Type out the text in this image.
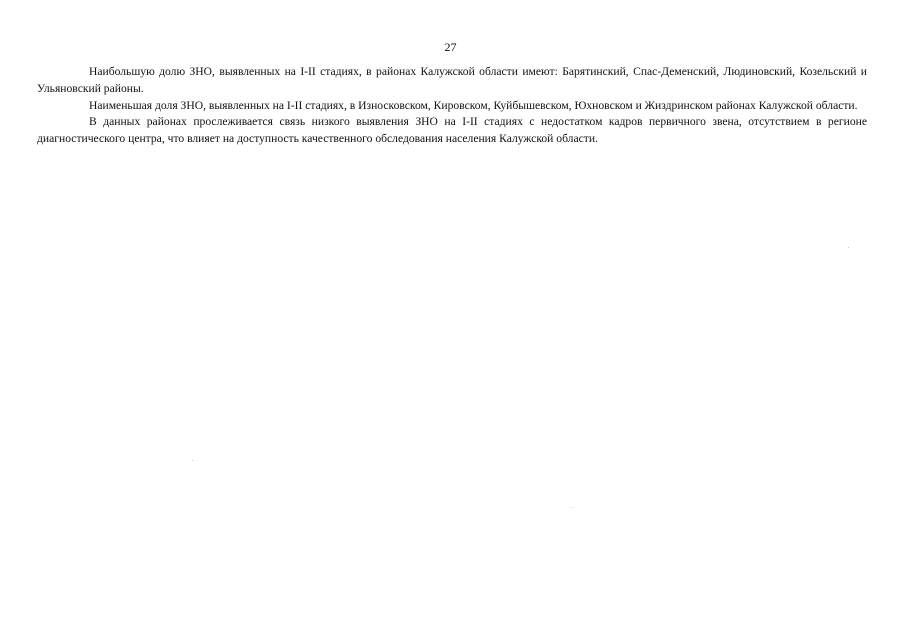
27

Наибольшую долю ЗНО, выявленных на I-II стадиях, в районах Калужской области имеют: Барятинский, Спас-Деменский, Людиновский, Козельский и Ульяновский районы.

Наименьшая доля ЗНО, выявленных на I-II стадиях, в Износковском, Кировском, Куйбышевском, Юхновском и Жиздринском районах Калужской области.

В данных районах прослеживается связь низкого выявления ЗНО на I-II стадиях с недостатком кадров первичного звена, отсутствием в регионе диагностического центра, что влияет на доступность качественного обследования населения Калужской области.
